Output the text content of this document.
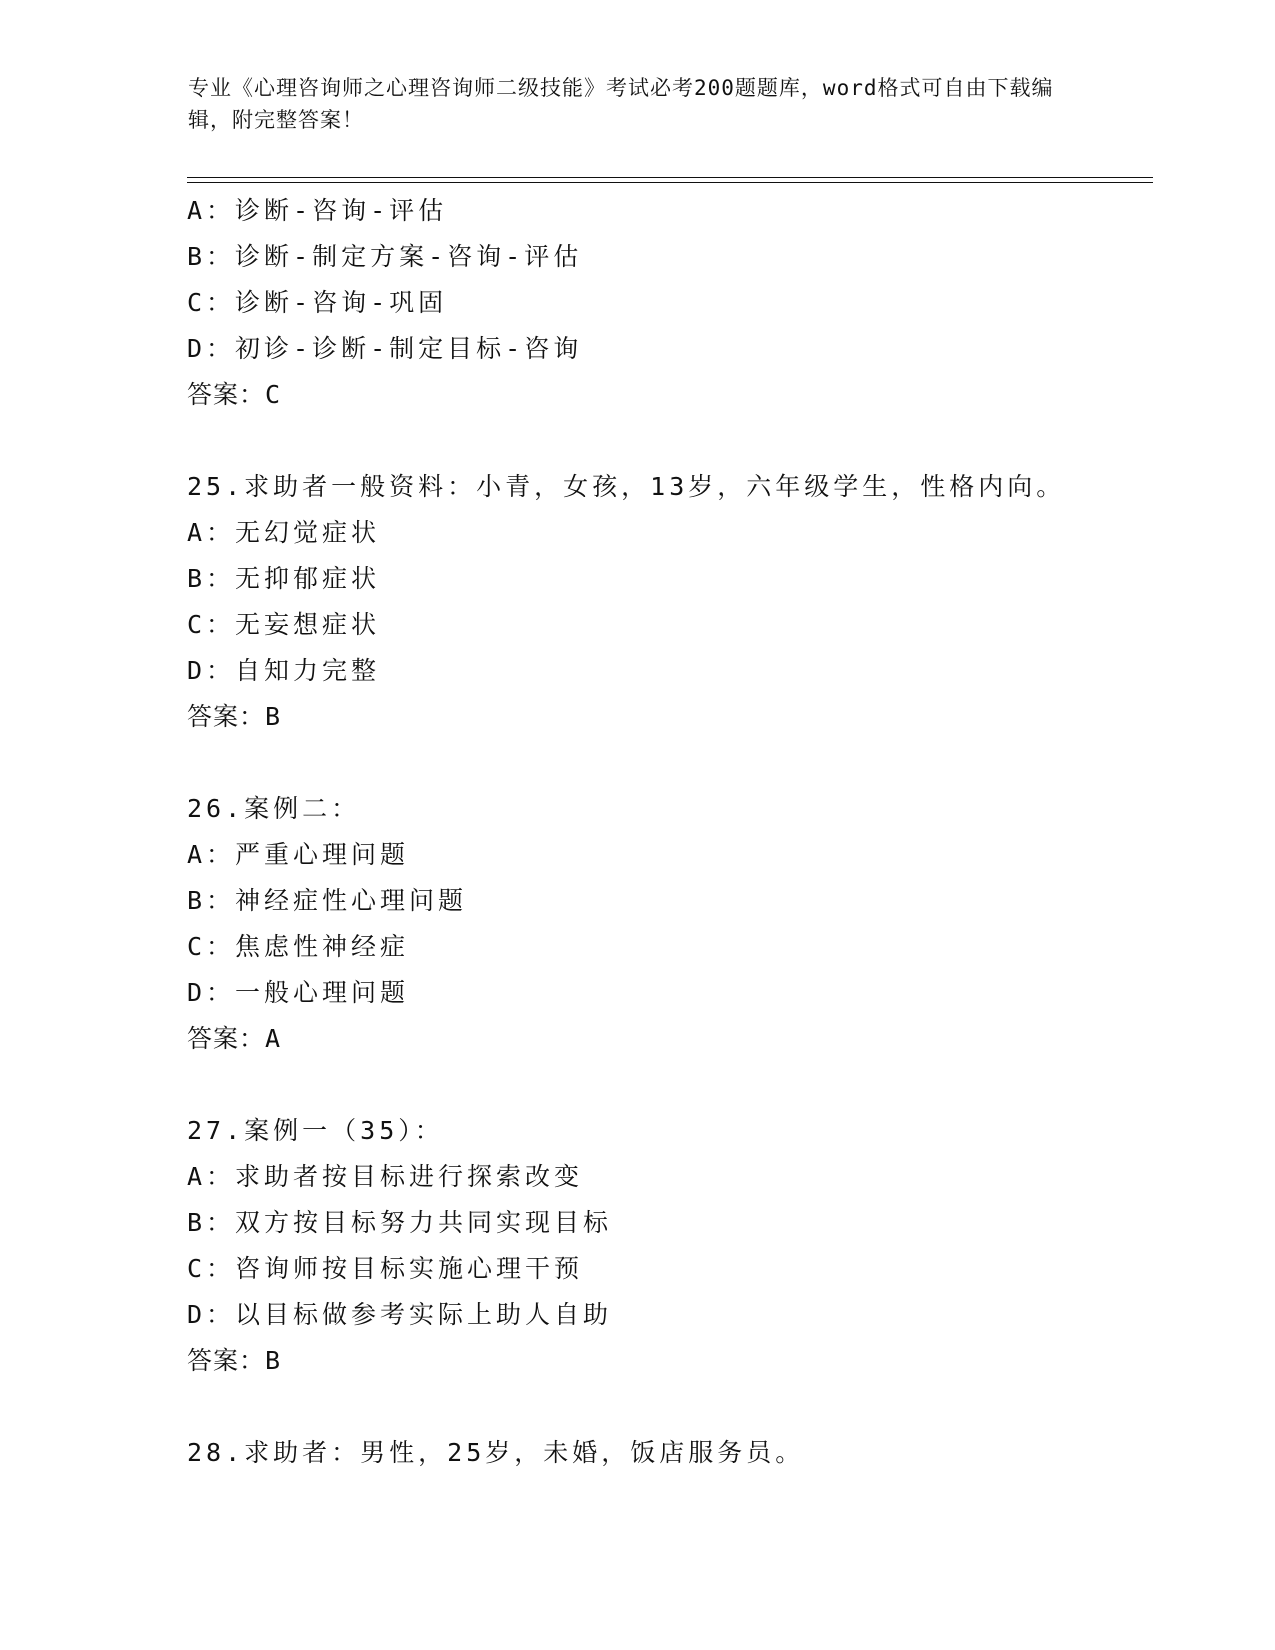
专业《心理咨询师之心理咨询师二级技能》考试必考200题题库，word格式可自由下载编辑，附完整答案！
A：诊断-咨询-评估
B：诊断-制定方案-咨询-评估
C：诊断-咨询-巩固
D：初诊-诊断-制定目标-咨询
答案：C
25.求助者一般资料：小青，女孩，13岁，六年级学生，性格内向。
A：无幻觉症状
B：无抑郁症状
C：无妄想症状
D：自知力完整
答案：B
26.案例二：
A：严重心理问题
B：神经症性心理问题
C：焦虑性神经症
D：一般心理问题
答案：A
27.案例一（35）：
A：求助者按目标进行探索改变
B：双方按目标努力共同实现目标
C：咨询师按目标实施心理干预
D：以目标做参考实际上助人自助
答案：B
28.求助者：男性，25岁，未婚，饭店服务员。
